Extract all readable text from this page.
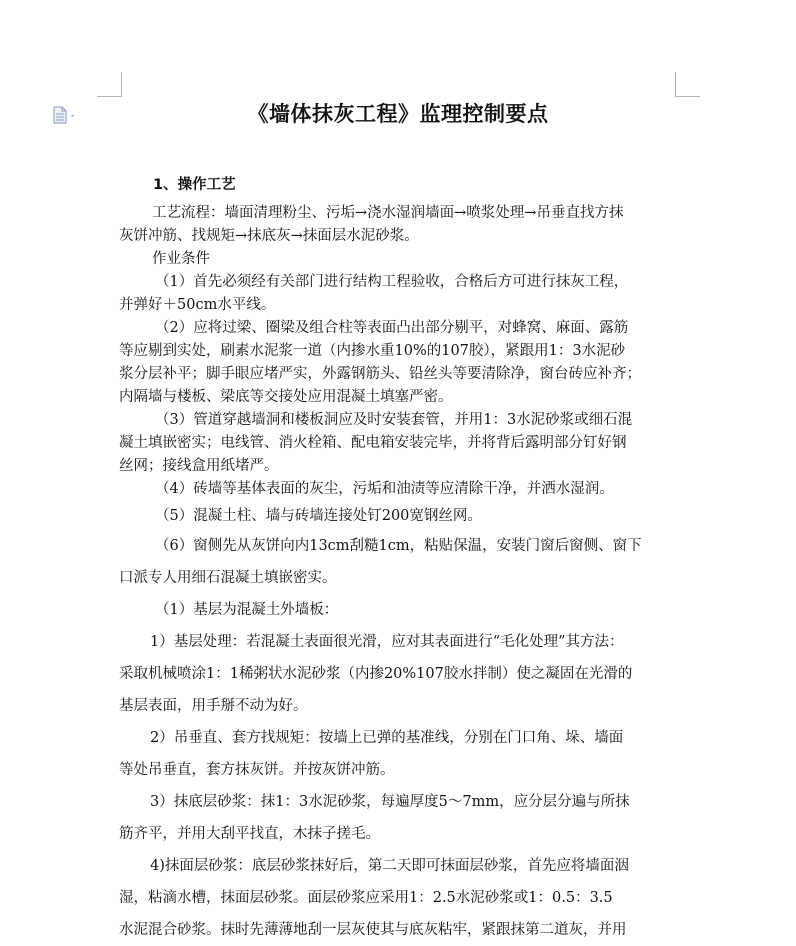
《墙体抹灰工程》监理控制要点
1、操作工艺
工艺流程：墙面清理粉尘、污垢→浇水湿润墙面→喷浆处理→吊垂直找方抹
灰饼冲筋、找规矩→抹底灰→抹面层水泥砂浆。
作业条件
（1）首先必须经有关部门进行结构工程验收，合格后方可进行抹灰工程，
并弹好＋50cm水平线。
（2）应将过梁、圈梁及组合柱等表面凸出部分剔平，对蜂窝、麻面、露筋
等应剔到实处，刷素水泥浆一道（内掺水重10%的107胶），紧跟用1：3水泥砂
浆分层补平；脚手眼应堵严实，外露钢筋头、铅丝头等要清除净，窗台砖应补齐；
内隔墙与楼板、梁底等交接处应用混凝土填塞严密。
（3）管道穿越墙洞和楼板洞应及时安装套管，并用1：3水泥砂浆或细石混
凝土填嵌密实；电线管、消火栓箱、配电箱安装完毕，并将背后露明部分钉好钢
丝网；接线盒用纸堵严。
（4）砖墙等基体表面的灰尘，污垢和油渍等应清除干净，并洒水湿润。
（5）混凝土柱、墙与砖墙连接处钉200宽钢丝网。
（6）窗侧先从灰饼向内13cm刮糙1cm，粘贴保温，安装门窗后窗侧、窗下
口派专人用细石混凝土填嵌密实。
（1）基层为混凝土外墙板：
1）基层处理：若混凝土表面很光滑，应对其表面进行“毛化处理”其方法：
采取机械喷涂1：1稀粥状水泥砂浆（内掺20%107胶水拌制）使之凝固在光滑的
基层表面，用手掰不动为好。
2）吊垂直、套方找规矩：按墙上已弹的基准线，分别在门口角、垛、墙面
等处吊垂直，套方抹灰饼。并按灰饼冲筋。
3）抹底层砂浆：抹1：3水泥砂浆，每遍厚度5～7mm，应分层分遍与所抹
筋齐平，并用大刮平找直，木抹子搓毛。
4)抹面层砂浆：底层砂浆抹好后，第二天即可抹面层砂浆，首先应将墙面洇
湿，粘滴水槽，抹面层砂浆。面层砂浆应采用1：2.5水泥砂浆或1：0.5：3.5
水泥混合砂浆。抹时先薄薄地刮一层灰使其与底灰粘牢，紧跟抹第二道灰，并用
